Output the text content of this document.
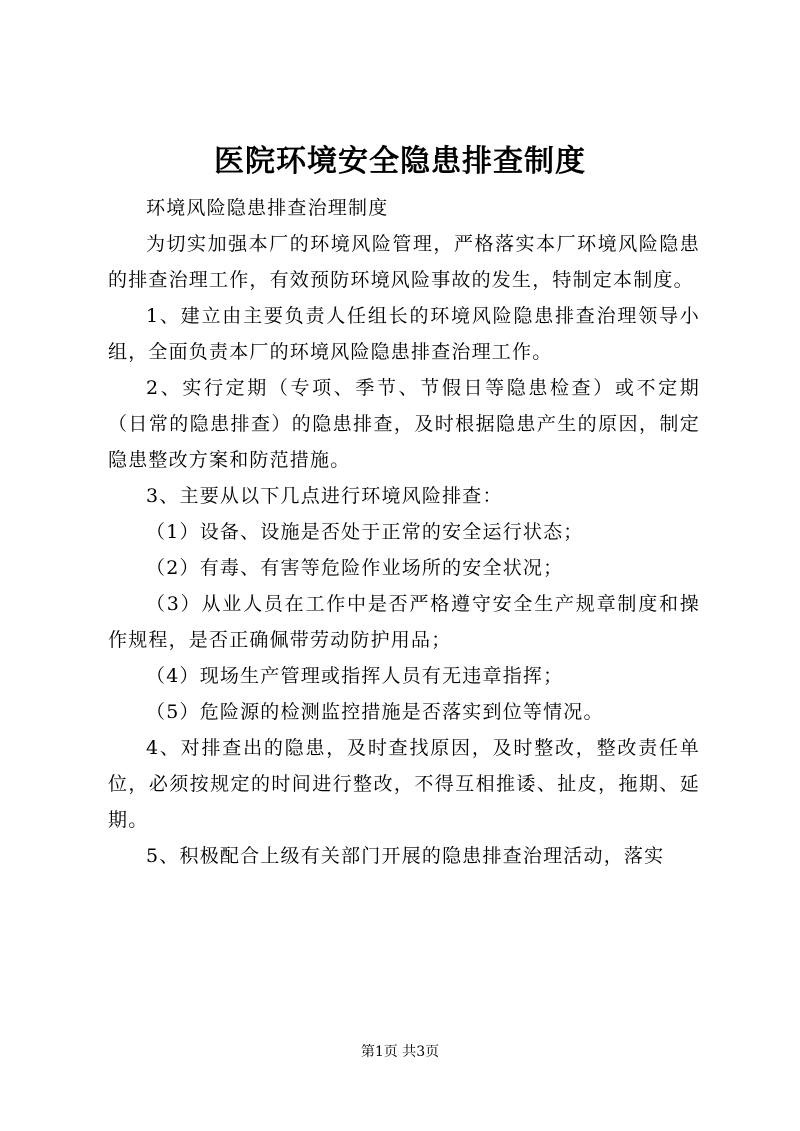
医院环境安全隐患排查制度

环境风险隐患排查治理制度

为切实加强本厂的环境风险管理，严格落实本厂环境风险隐患的排查治理工作，有效预防环境风险事故的发生，特制定本制度。

1、建立由主要负责人任组长的环境风险隐患排查治理领导小组，全面负责本厂的环境风险隐患排查治理工作。

2、实行定期（专项、季节、节假日等隐患检查）或不定期（日常的隐患排查）的隐患排查，及时根据隐患产生的原因，制定隐患整改方案和防范措施。

3、主要从以下几点进行环境风险排查：

（1）设备、设施是否处于正常的安全运行状态；

（2）有毒、有害等危险作业场所的安全状况；

（3）从业人员在工作中是否严格遵守安全生产规章制度和操作规程，是否正确佩带劳动防护用品；

（4）现场生产管理或指挥人员有无违章指挥；

（5）危险源的检测监控措施是否落实到位等情况。

4、对排查出的隐患，及时查找原因，及时整改，整改责任单位，必须按规定的时间进行整改，不得互相推诿、扯皮，拖期、延期。

5、积极配合上级有关部门开展的隐患排查治理活动，落实

第1页 共3页
